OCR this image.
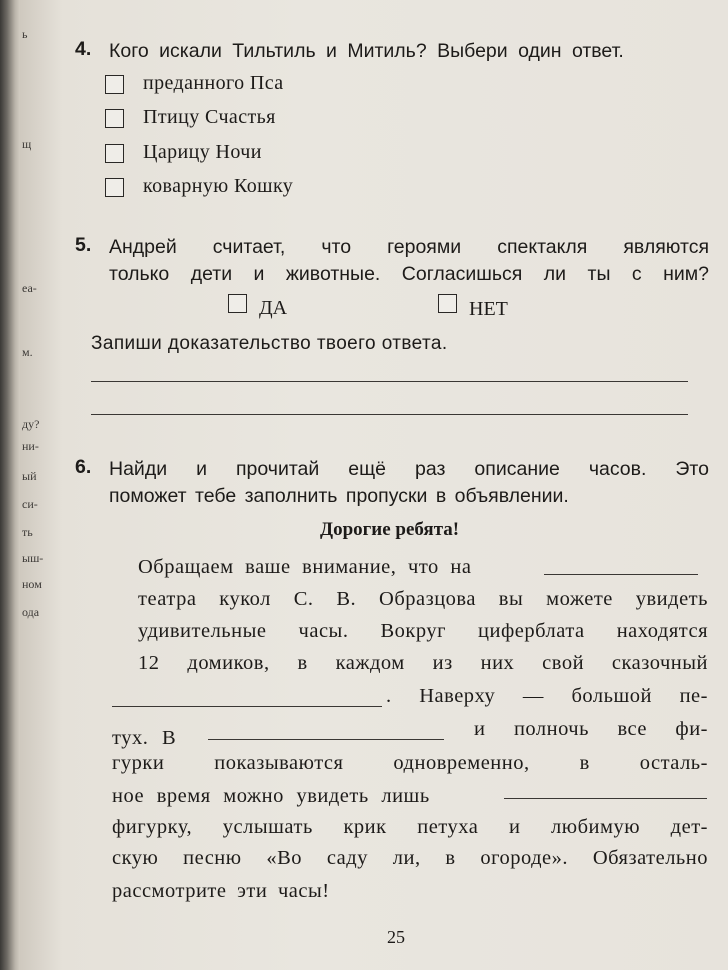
ь
щ
еа-
м.
ду?
ни-
ый
си-
ть
ыш-
ном
ода
4. Кого искали Тильтиль и Митиль? Выбери один ответ.
преданного Пса
Птицу Счастья
Царицу Ночи
коварную Кошку
5. Андрей считает, что героями спектакля являются
только дети и животные. Согласишься ли ты с ним?
ДА	НЕТ
Запиши доказательство твоего ответа.
6. Найди и прочитай ещё раз описание часов. Это
поможет тебе заполнить пропуски в объявлении.
Дорогие ребята!
Обращаем ваше внимание, что на
театра кукол С. В. Образцова вы можете увидеть
удивительные часы. Вокруг циферблата находятся
12 домиков, в каждом из них свой сказочный
. Наверху — большой пе-
тух. В	и полночь все фи-
гурки показываются одновременно, в осталь-
ное время можно увидеть лишь
фигурку, услышать крик петуха и любимую дет-
скую песню «Во саду ли, в огороде». Обязательно
рассмотрите эти часы!
25
